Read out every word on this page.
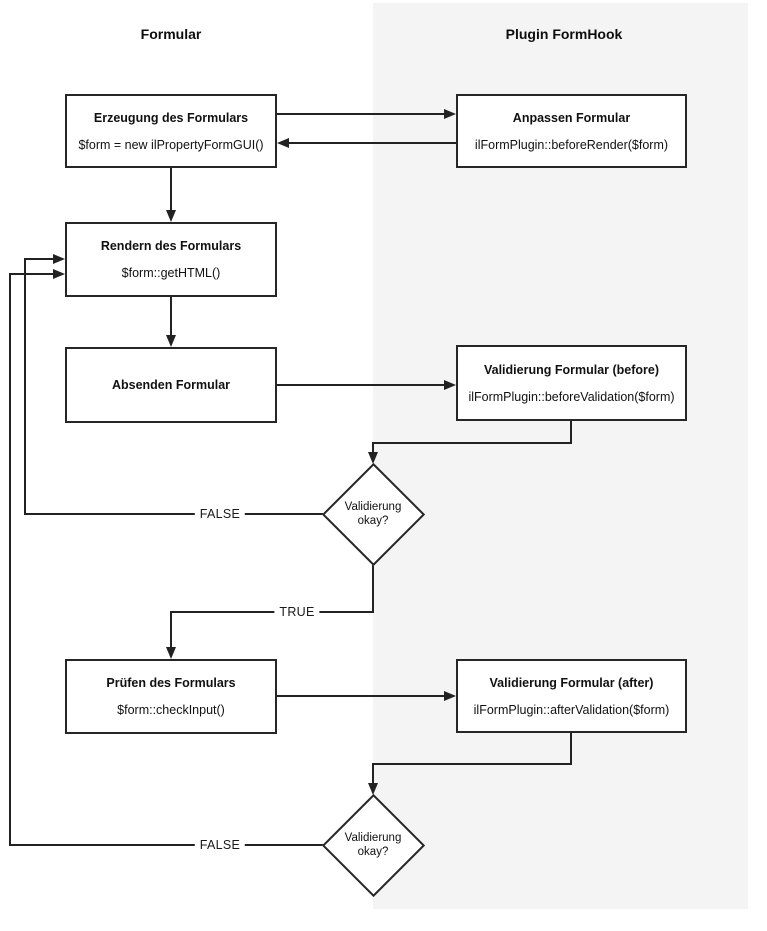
Formular	Plugin FormHook
Erzeugung des Formulars
$form = new ilPropertyFormGUI()
Anpassen Formular
ilFormPlugin::beforeRender($form)
Rendern des Formulars
$form::getHTML()
Absenden Formular
Validierung Formular (before)
ilFormPlugin::beforeValidation($form)
Prüfen des Formulars
$form::checkInput()
Validierung Formular (after)
ilFormPlugin::afterValidation($form)
Validierung
okay?
Validierung
okay?
FALSE
TRUE
FALSE
